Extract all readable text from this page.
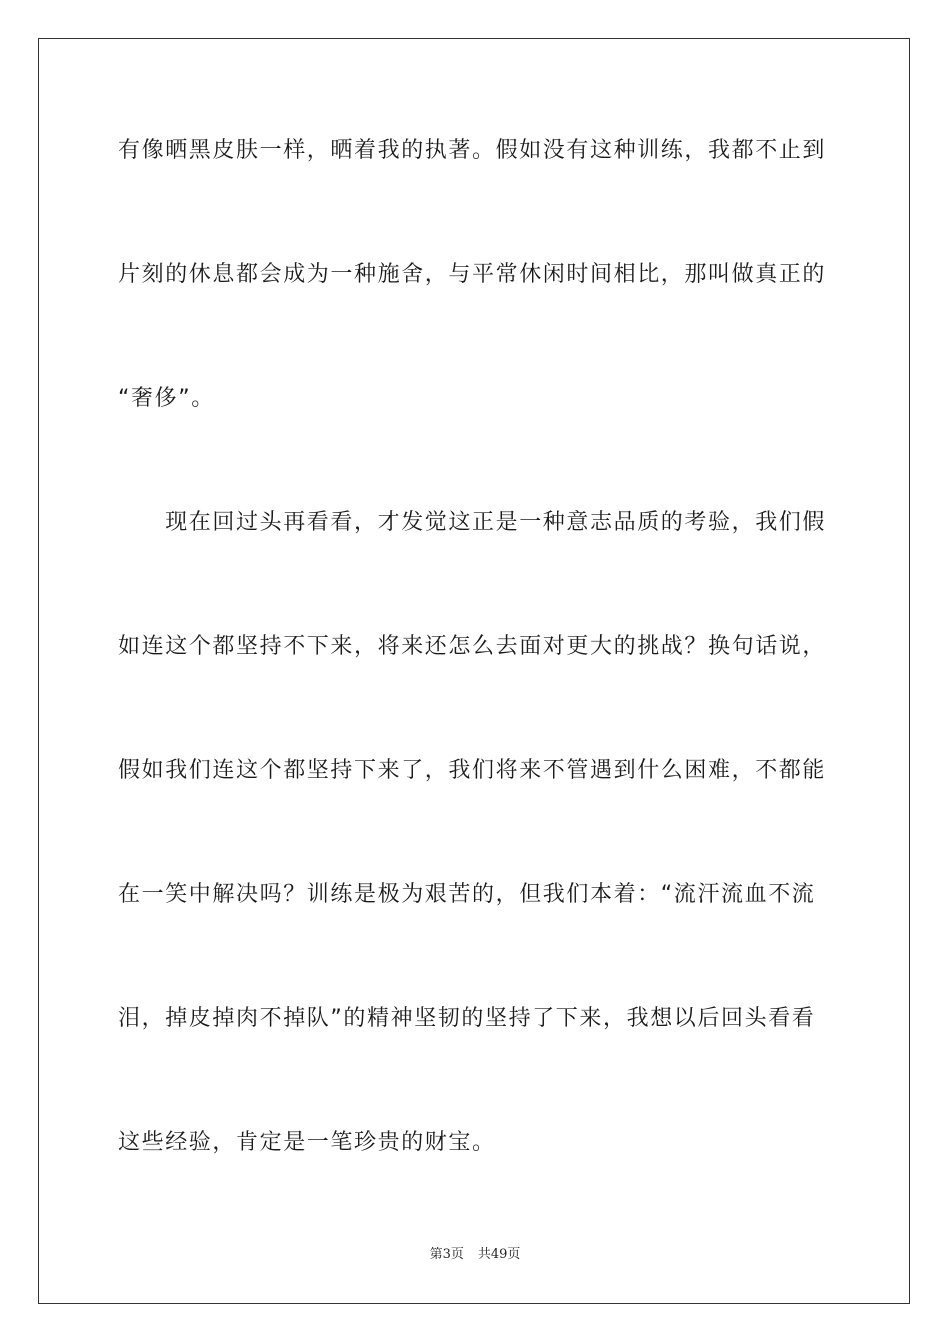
有像晒黑皮肤一样，晒着我的执著。假如没有这种训练，我都不止到
片刻的休息都会成为一种施舍，与平常休闲时间相比，那叫做真正的
“奢侈”。
　　现在回过头再看看，才发觉这正是一种意志品质的考验，我们假
如连这个都坚持不下来，将来还怎么去面对更大的挑战？换句话说，
假如我们连这个都坚持下来了，我们将来不管遇到什么困难，不都能
在一笑中解决吗？训练是极为艰苦的，但我们本着：“流汗流血不流
泪，掉皮掉肉不掉队”的精神坚韧的坚持了下来，我想以后回头看看
这些经验，肯定是一笔珍贵的财宝。
第3页 共49页
